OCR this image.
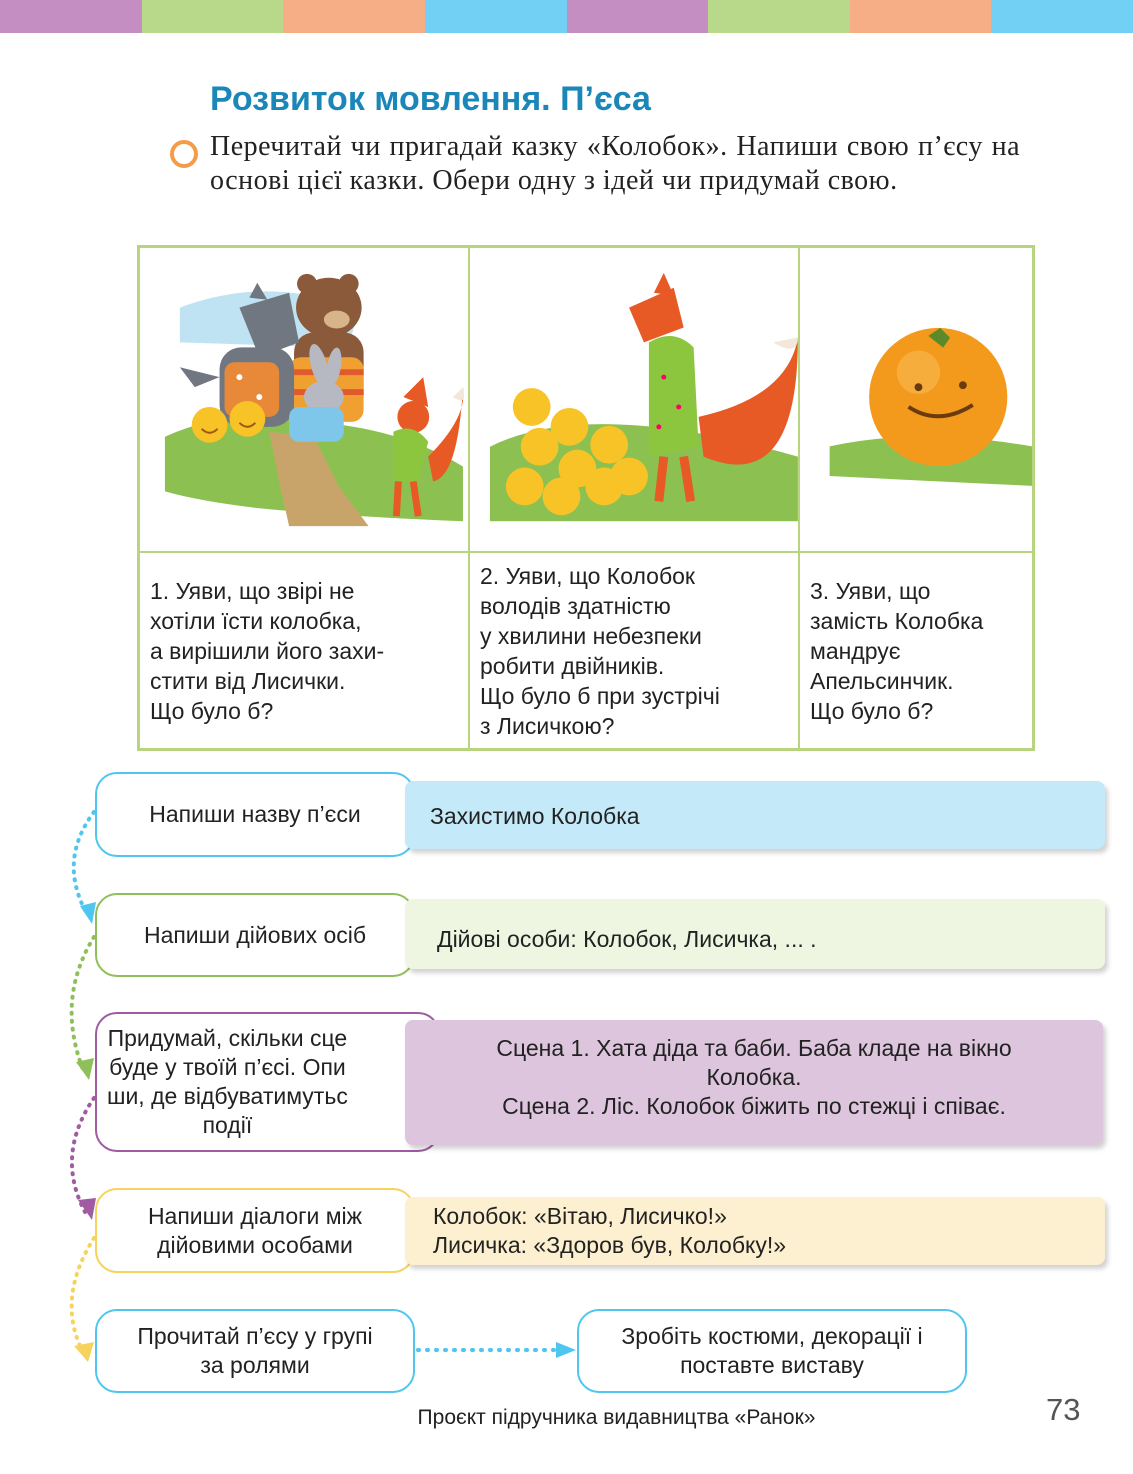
Розвиток мовлення. П’єса
Перечитай чи пригадай казку «Колобок». Напиши свою п’єсу на основі цієї казки. Обери одну з ідей чи придумай свою.
1. Уяви, що звірі не
хотіли їсти колобка,
а вирішили його захи-
стити від Лисички.
Що було б?
2. Уяви, що Колобок
володів здатністю
у хвилини небезпеки
робити двійників.
Що було б при зустрічі
з Лисичкою?
3. Уяви, що
замість Колобка
мандрує
Апельсинчик.
Що було б?
Напиши назву п’єси	Захистимо Колобка
Напиши дійових осіб	Дійові особи: Колобок, Лисичка, ... .
Придумай, скільки сце
буде у твоїй п’єсі. Опи
ши, де відбуватимутьс
події
Сцена 1. Хата діда та баби. Баба кладе на вікно
Колобка.
Сцена 2. Ліс. Колобок біжить по стежці і співає.
Напиши діалоги між
дійовими особами
Колобок: «Вітаю, Лисичко!»
Лисичка: «Здоров був, Колобку!»
Прочитай п’єсу у групі
за ролями
Зробіть костюми, декорації і
поставте виставу
Проєкт підручника видавництва «Ранок»	73
